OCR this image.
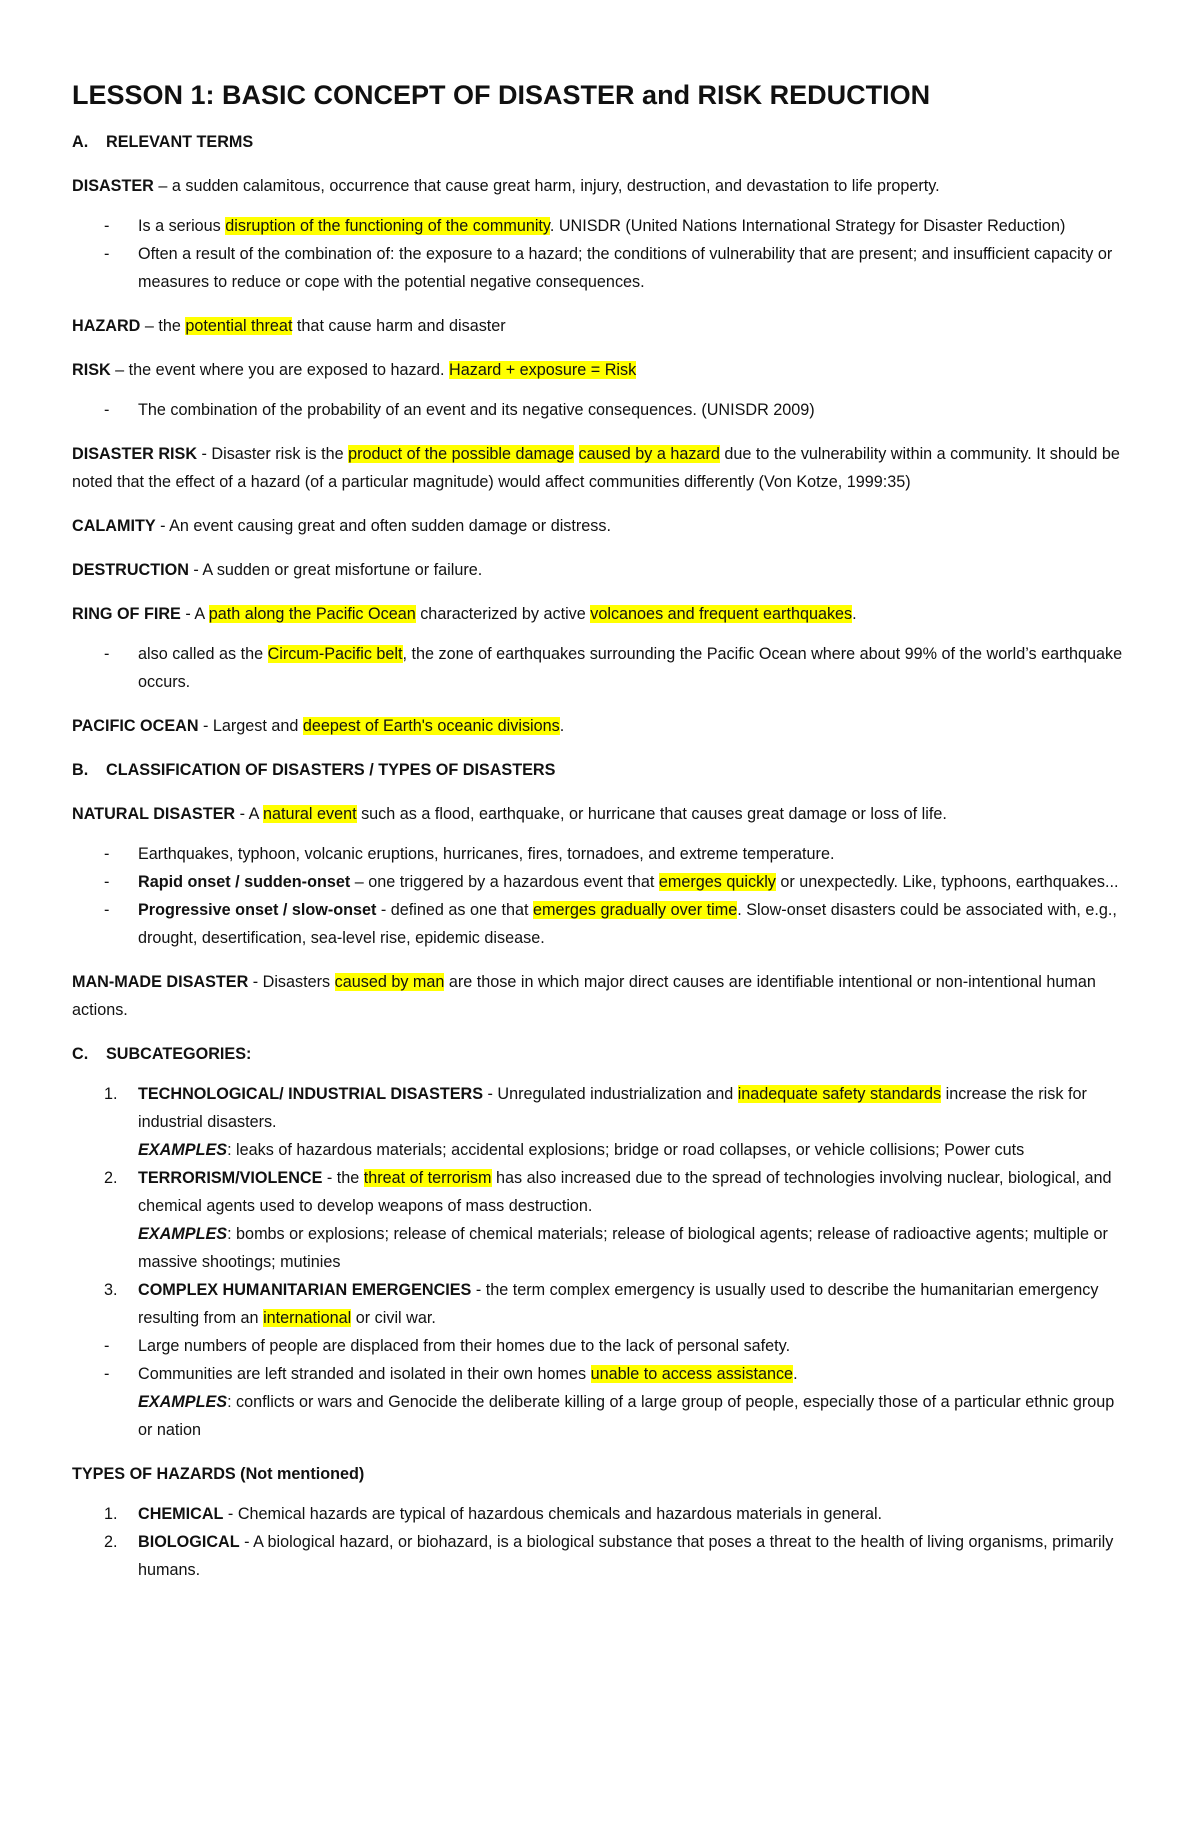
LESSON 1: BASIC CONCEPT OF DISASTER and RISK REDUCTION
A. RELEVANT TERMS

DISASTER – a sudden calamitous, occurrence that cause great harm, injury, destruction, and devastation to life property.

- Is a serious disruption of the functioning of the community. UNISDR (United Nations International Strategy for Disaster Reduction)
- Often a result of the combination of: the exposure to a hazard; the conditions of vulnerability that are present; and insufficient capacity or measures to reduce or cope with the potential negative consequences.

HAZARD – the potential threat that cause harm and disaster

RISK – the event where you are exposed to hazard. Hazard + exposure = Risk

- The combination of the probability of an event and its negative consequences. (UNISDR 2009)

DISASTER RISK - Disaster risk is the product of the possible damage caused by a hazard due to the vulnerability within a community. It should be noted that the effect of a hazard (of a particular magnitude) would affect communities differently (Von Kotze, 1999:35)

CALAMITY - An event causing great and often sudden damage or distress.

DESTRUCTION - A sudden or great misfortune or failure.

RING OF FIRE - A path along the Pacific Ocean characterized by active volcanoes and frequent earthquakes.

- also called as the Circum-Pacific belt, the zone of earthquakes surrounding the Pacific Ocean where about 99% of the world’s earthquake occurs.

PACIFIC OCEAN - Largest and deepest of Earth's oceanic divisions.

B. CLASSIFICATION OF DISASTERS / TYPES OF DISASTERS

NATURAL DISASTER - A natural event such as a flood, earthquake, or hurricane that causes great damage or loss of life.

- Earthquakes, typhoon, volcanic eruptions, hurricanes, fires, tornadoes, and extreme temperature.
- Rapid onset / sudden-onset – one triggered by a hazardous event that emerges quickly or unexpectedly. Like, typhoons, earthquakes...
- Progressive onset / slow-onset - defined as one that emerges gradually over time. Slow-onset disasters could be associated with, e.g., drought, desertification, sea-level rise, epidemic disease.

MAN-MADE DISASTER - Disasters caused by man are those in which major direct causes are identifiable intentional or non-intentional human actions.

C. SUBCATEGORIES:
1. TECHNOLOGICAL/ INDUSTRIAL DISASTERS - Unregulated industrialization and inadequate safety standards increase the risk for industrial disasters.
EXAMPLES: leaks of hazardous materials; accidental explosions; bridge or road collapses, or vehicle collisions; Power cuts
2. TERRORISM/VIOLENCE - the threat of terrorism has also increased due to the spread of technologies involving nuclear, biological, and chemical agents used to develop weapons of mass destruction.
EXAMPLES: bombs or explosions; release of chemical materials; release of biological agents; release of radioactive agents; multiple or massive shootings; mutinies
3. COMPLEX HUMANITARIAN EMERGENCIES - the term complex emergency is usually used to describe the humanitarian emergency resulting from an international or civil war.
- Large numbers of people are displaced from their homes due to the lack of personal safety.
- Communities are left stranded and isolated in their own homes unable to access assistance.
EXAMPLES: conflicts or wars and Genocide the deliberate killing of a large group of people, especially those of a particular ethnic group or nation

TYPES OF HAZARDS (Not mentioned)

1. CHEMICAL - Chemical hazards are typical of hazardous chemicals and hazardous materials in general.
2. BIOLOGICAL - A biological hazard, or biohazard, is a biological substance that poses a threat to the health of living organisms, primarily humans.
